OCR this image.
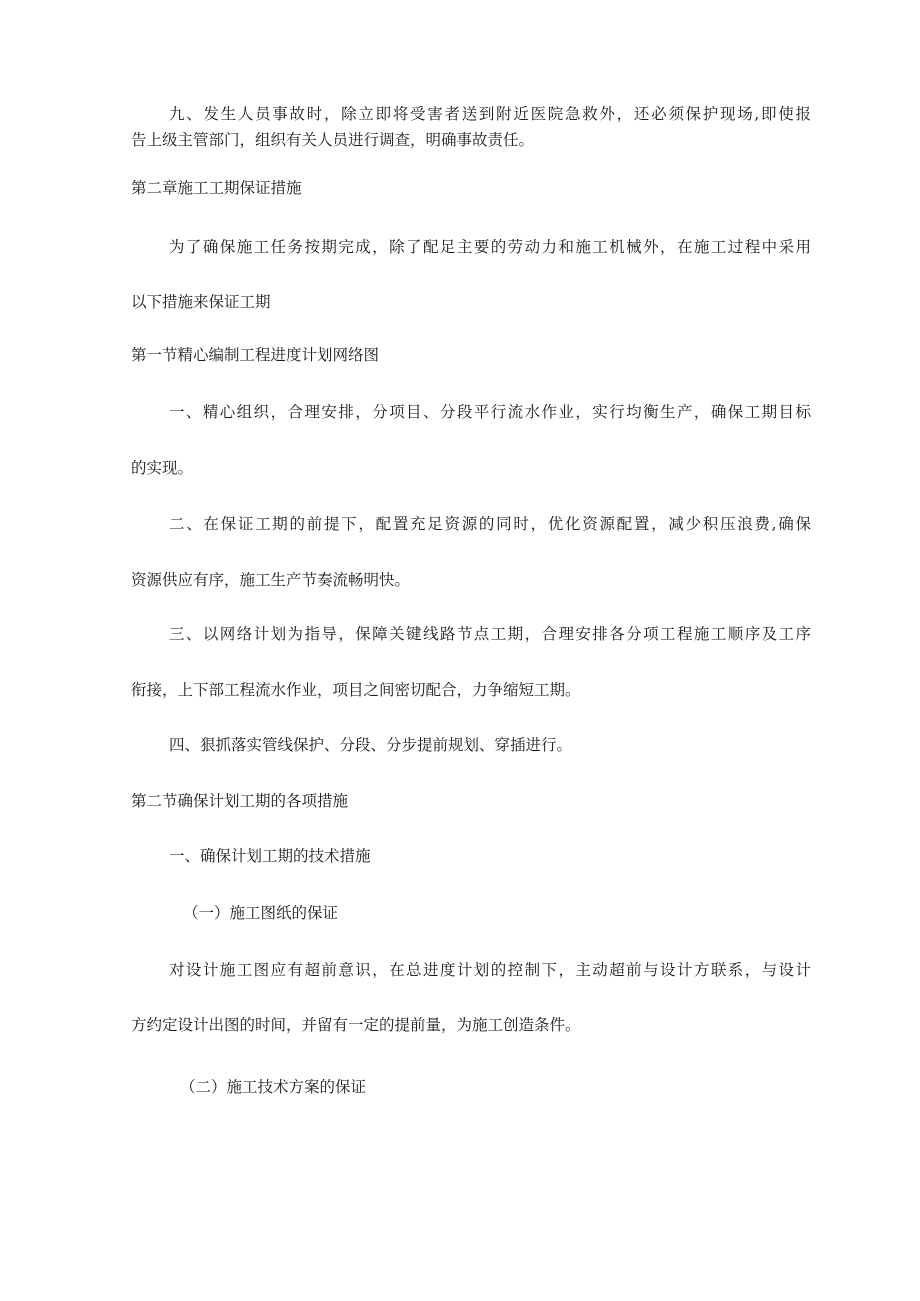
九、发生人员事故时，除立即将受害者送到附近医院急救外，还必须保护现场,即使报
告上级主管部门，组织有关人员进行调查，明确事故责任。
第二章施工工期保证措施
为了确保施工任务按期完成，除了配足主要的劳动力和施工机械外，在施工过程中采用
以下措施来保证工期
第一节精心编制工程进度计划网络图
一、精心组织，合理安排，分项目、分段平行流水作业，实行均衡生产，确保工期目标
的实现。
二、在保证工期的前提下，配置充足资源的同时，优化资源配置，减少积压浪费,确保
资源供应有序，施工生产节奏流畅明快。
三、以网络计划为指导，保障关键线路节点工期，合理安排各分项工程施工顺序及工序
衔接，上下部工程流水作业，项目之间密切配合，力争缩短工期。
四、狠抓落实管线保护、分段、分步提前规划、穿插进行。
第二节确保计划工期的各项措施
一、确保计划工期的技术措施
（一）施工图纸的保证
对设计施工图应有超前意识，在总进度计划的控制下，主动超前与设计方联系，与设计
方约定设计出图的时间，并留有一定的提前量，为施工创造条件。
（二）施工技术方案的保证
